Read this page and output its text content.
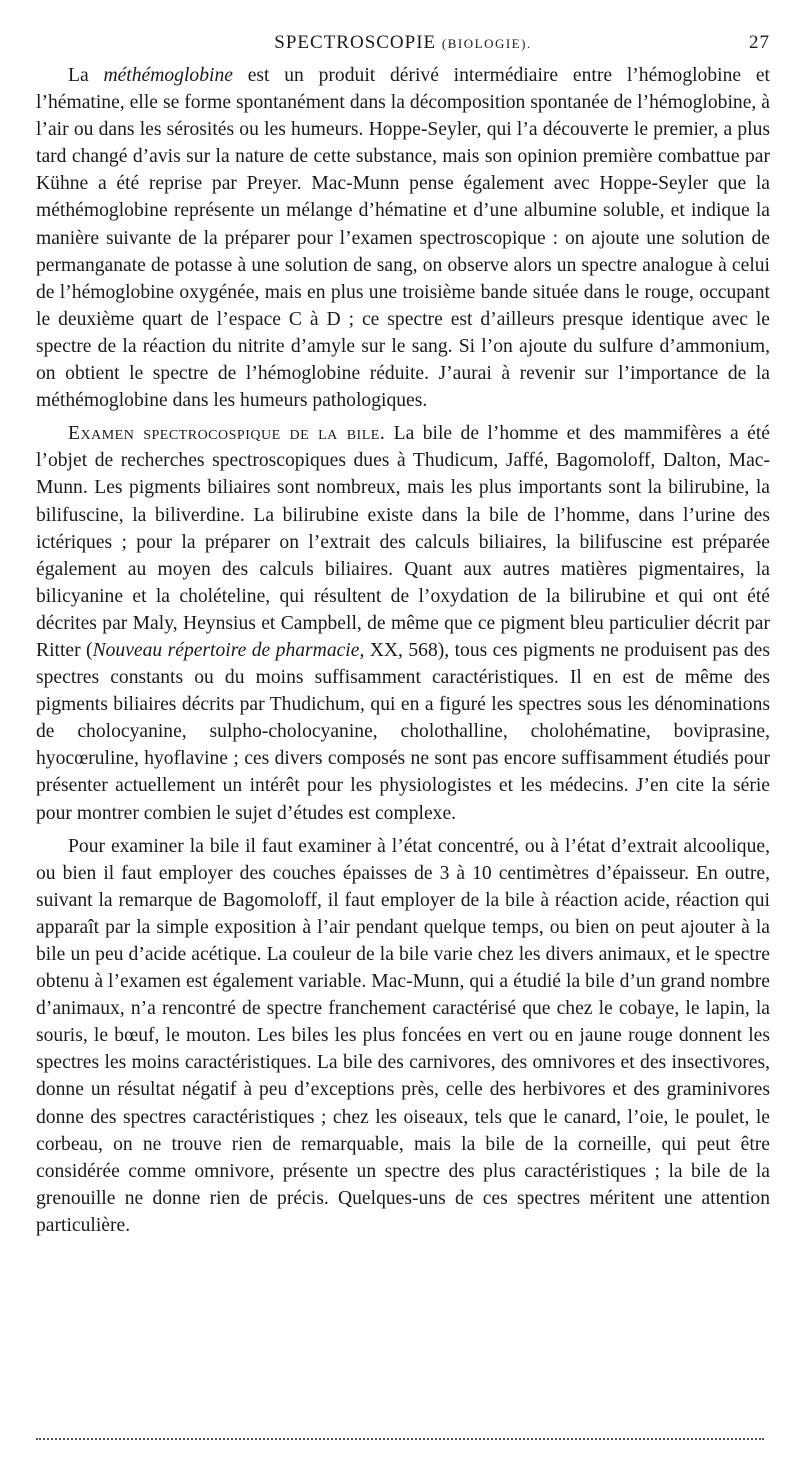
SPECTROSCOPIE (BIOLOGIE).	27

La méthémoglobine est un produit dérivé intermédiaire entre l’hémoglobine et l’hématine, elle se forme spontanément dans la décomposition spontanée de l’hémoglobine, à l’air ou dans les sérosités ou les humeurs. Hoppe-Seyler, qui l’a découverte le premier, a plus tard changé d’avis sur la nature de cette substance, mais son opinion première combattue par Kühne a été reprise par Preyer. Mac-Munn pense également avec Hoppe-Seyler que la méthémoglobine représente un mélange d’hématine et d’une albumine soluble, et indique la manière suivante de la préparer pour l’examen spectroscopique : on ajoute une solution de permanganate de potasse à une solution de sang, on observe alors un spectre analogue à celui de l’hémoglobine oxygénée, mais en plus une troisième bande située dans le rouge, occupant le deuxième quart de l’espace C à D ; ce spectre est d’ailleurs presque identique avec le spectre de la réaction du nitrite d’amyle sur le sang. Si l’on ajoute du sulfure d’ammonium, on obtient le spectre de l’hémoglobine réduite. J’aurai à revenir sur l’importance de la méthémoglobine dans les humeurs pathologiques.

Examen spectrocospique de la bile. La bile de l’homme et des mammifères a été l’objet de recherches spectroscopiques dues à Thudicum, Jaffé, Bagomoloff, Dalton, Mac-Munn. Les pigments biliaires sont nombreux, mais les plus importants sont la bilirubine, la bilifuscine, la biliverdine. La bilirubine existe dans la bile de l’homme, dans l’urine des ictériques ; pour la préparer on l’extrait des calculs biliaires, la bilifuscine est préparée également au moyen des calculs biliaires. Quant aux autres matières pigmentaires, la bilicyanine et la cholételine, qui résultent de l’oxydation de la bilirubine et qui ont été décrites par Maly, Heynsius et Campbell, de même que ce pigment bleu particulier décrit par Ritter (Nouveau répertoire de pharmacie, XX, 568), tous ces pigments ne produisent pas des spectres constants ou du moins suffisamment caractéristiques. Il en est de même des pigments biliaires décrits par Thudichum, qui en a figuré les spectres sous les dénominations de cholocyanine, sulpho-cholocyanine, cholothalline, cholohématine, boviprasine, hyocœruline, hyoflavine ; ces divers composés ne sont pas encore suffisamment étudiés pour présenter actuellement un intérêt pour les physiologistes et les médecins. J’en cite la série pour montrer combien le sujet d’études est complexe.

Pour examiner la bile il faut examiner à l’état concentré, ou à l’état d’extrait alcoolique, ou bien il faut employer des couches épaisses de 3 à 10 centimètres d’épaisseur. En outre, suivant la remarque de Bagomoloff, il faut employer de la bile à réaction acide, réaction qui apparaît par la simple exposition à l’air pendant quelque temps, ou bien on peut ajouter à la bile un peu d’acide acétique. La couleur de la bile varie chez les divers animaux, et le spectre obtenu à l’examen est également variable. Mac-Munn, qui a étudié la bile d’un grand nombre d’animaux, n’a rencontré de spectre franchement caractérisé que chez le cobaye, le lapin, la souris, le bœuf, le mouton. Les biles les plus foncées en vert ou en jaune rouge donnent les spectres les moins caractéristiques. La bile des carnivores, des omnivores et des insectivores, donne un résultat négatif à peu d’exceptions près, celle des herbivores et des graminivores donne des spectres caractéristiques ; chez les oiseaux, tels que le canard, l’oie, le poulet, le corbeau, on ne trouve rien de remarquable, mais la bile de la corneille, qui peut être considérée comme omnivore, présente un spectre des plus caractéristiques ; la bile de la grenouille ne donne rien de précis. Quelques-uns de ces spectres méritent une attention particulière.
